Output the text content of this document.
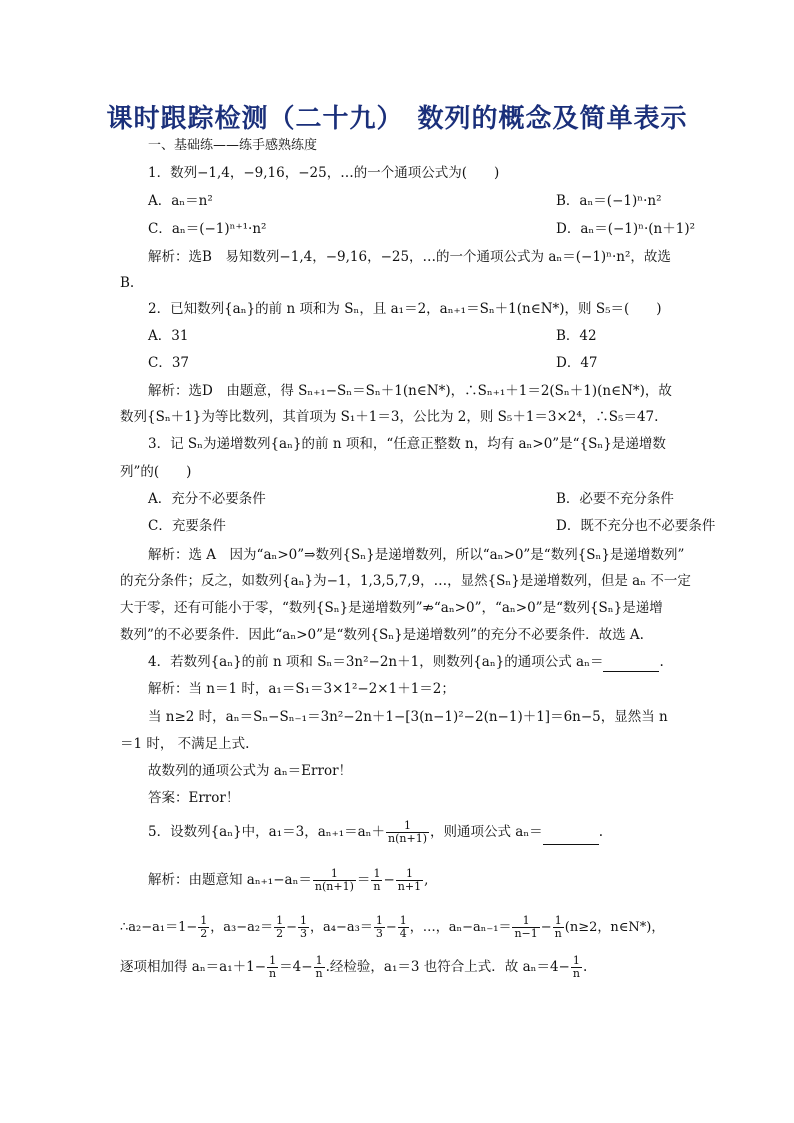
课时跟踪检测（二十九）　数列的概念及简单表示
一、基础练——练手感熟练度
1．数列−1,4，−9,16，−25，…的一个通项公式为(　　)
A．aₙ＝n²	B．aₙ＝(−1)ⁿ·n²
C．aₙ＝(−1)ⁿ⁺¹·n²	D．aₙ＝(−1)ⁿ·(n＋1)²
解析：选B　易知数列−1,4，−9,16，−25，…的一个通项公式为 aₙ＝(−1)ⁿ·n²，故选
B.
2．已知数列{aₙ}的前 n 项和为 Sₙ，且 a₁＝2，aₙ₊₁＝Sₙ＋1(n∈N*)，则 S₅＝(　　)
A．31	B．42
C．37	D．47
解析：选D　由题意，得 Sₙ₊₁−Sₙ＝Sₙ＋1(n∈N*)，∴Sₙ₊₁＋1＝2(Sₙ＋1)(n∈N*)，故
数列{Sₙ＋1}为等比数列，其首项为 S₁＋1＝3，公比为 2，则 S₅＋1＝3×2⁴，∴S₅＝47.
3．记 Sₙ为递增数列{aₙ}的前 n 项和，“任意正整数 n，均有 aₙ>0”是“{Sₙ}是递增数
列”的(　　)
A．充分不必要条件	B．必要不充分条件
C．充要条件	D．既不充分也不必要条件
解析：选 A　因为“aₙ>0”⇒数列{Sₙ}是递增数列，所以“aₙ>0”是“数列{Sₙ}是递增数列”
的充分条件；反之，如数列{aₙ}为−1，1,3,5,7,9，…，显然{Sₙ}是递增数列，但是 aₙ 不一定
大于零，还有可能小于零，“数列{Sₙ}是递增数列”⇏“aₙ>0”，“aₙ>0”是“数列{Sₙ}是递增
数列”的不必要条件．因此“aₙ>0”是“数列{Sₙ}是递增数列”的充分不必要条件．故选 A.
4．若数列{aₙ}的前 n 项和 Sₙ＝3n²−2n＋1，则数列{aₙ}的通项公式 aₙ＝	.
解析：当 n＝1 时，a₁＝S₁＝3×1²−2×1＋1＝2；
当 n≥2 时，aₙ＝Sₙ−Sₙ₋₁＝3n²−2n＋1−[3(n−1)²−2(n−1)＋1]＝6n−5，显然当 n
＝1 时， 不满足上式.
故数列的通项公式为 aₙ＝Error！
答案：Error！
5．设数列{aₙ}中，a₁＝3，$a_{n+1}=a_n+ \frac{1}{n(n+1)}$ ，则通项公式 aₙ＝	.
解析：由题意知 $a_{n+1}-a_n= \frac{1}{n(n+1)} = \frac{1}{n} - \frac{1}{n+1}$ ,
∴a₂−a₁＝1− $\frac{1}{2}$ ，$a_3-a_2= \frac{1}{2} - \frac{1}{3}$ ，$a_4-a_3= \frac{1}{3} - \frac{1}{4}$ ，…，$a_n-a_{n-1}= \frac{1}{n-1} - \frac{1}{n} (n\ge 2$，n∈N*)，
逐项相加得 $a_n=a_1+1- \frac{1}{n} =4- \frac{1}{n}$ .经检验，a₁＝3 也符合上式．故 $a_n=4- \frac{1}{n}$ .
